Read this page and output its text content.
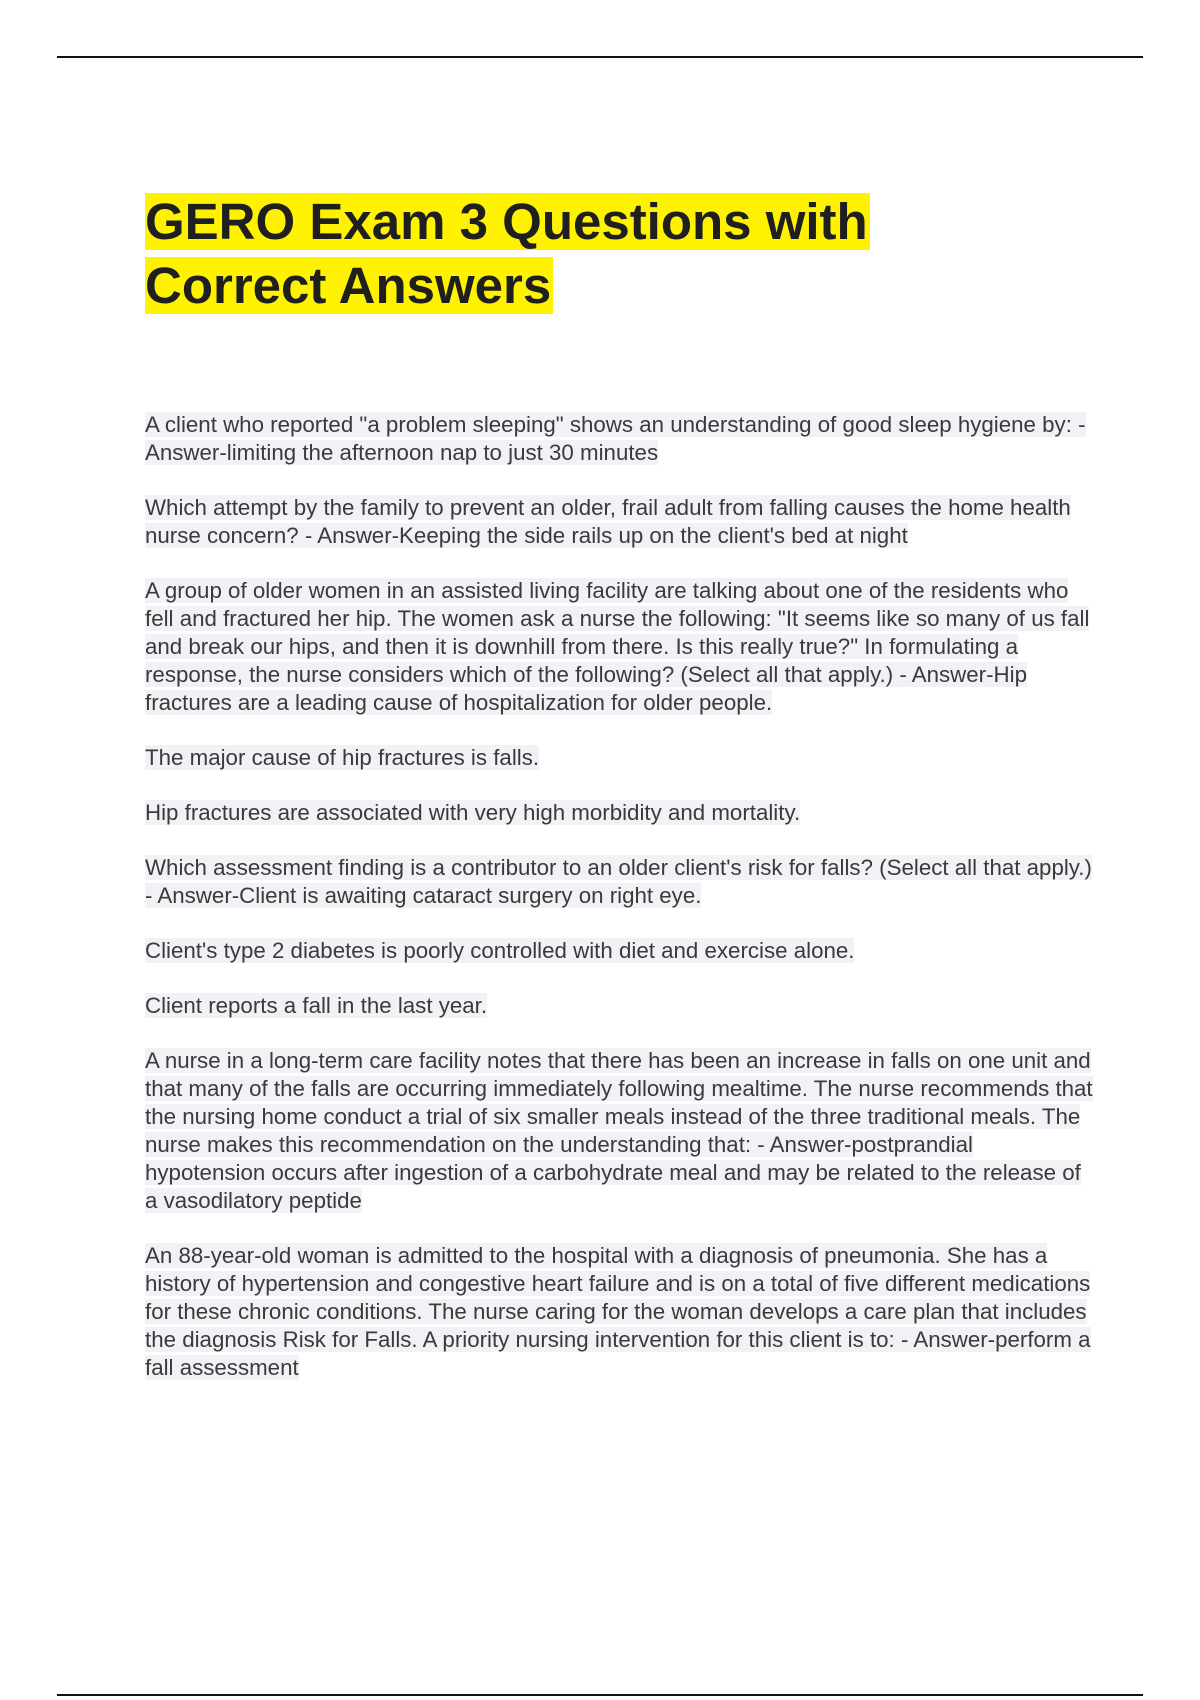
GERO Exam 3 Questions with Correct Answers

A client who reported "a problem sleeping" shows an understanding of good sleep hygiene by: - Answer-limiting the afternoon nap to just 30 minutes

Which attempt by the family to prevent an older, frail adult from falling causes the home health nurse concern? - Answer-Keeping the side rails up on the client's bed at night

A group of older women in an assisted living facility are talking about one of the residents who fell and fractured her hip. The women ask a nurse the following: "It seems like so many of us fall and break our hips, and then it is downhill from there. Is this really true?" In formulating a response, the nurse considers which of the following? (Select all that apply.) - Answer-Hip fractures are a leading cause of hospitalization for older people.

The major cause of hip fractures is falls.

Hip fractures are associated with very high morbidity and mortality.

Which assessment finding is a contributor to an older client's risk for falls? (Select all that apply.) - Answer-Client is awaiting cataract surgery on right eye.

Client's type 2 diabetes is poorly controlled with diet and exercise alone.

Client reports a fall in the last year.

A nurse in a long-term care facility notes that there has been an increase in falls on one unit and that many of the falls are occurring immediately following mealtime. The nurse recommends that the nursing home conduct a trial of six smaller meals instead of the three traditional meals. The nurse makes this recommendation on the understanding that: - Answer-postprandial hypotension occurs after ingestion of a carbohydrate meal and may be related to the release of a vasodilatory peptide

An 88-year-old woman is admitted to the hospital with a diagnosis of pneumonia. She has a history of hypertension and congestive heart failure and is on a total of five different medications for these chronic conditions. The nurse caring for the woman develops a care plan that includes the diagnosis Risk for Falls. A priority nursing intervention for this client is to: - Answer-perform a fall assessment
